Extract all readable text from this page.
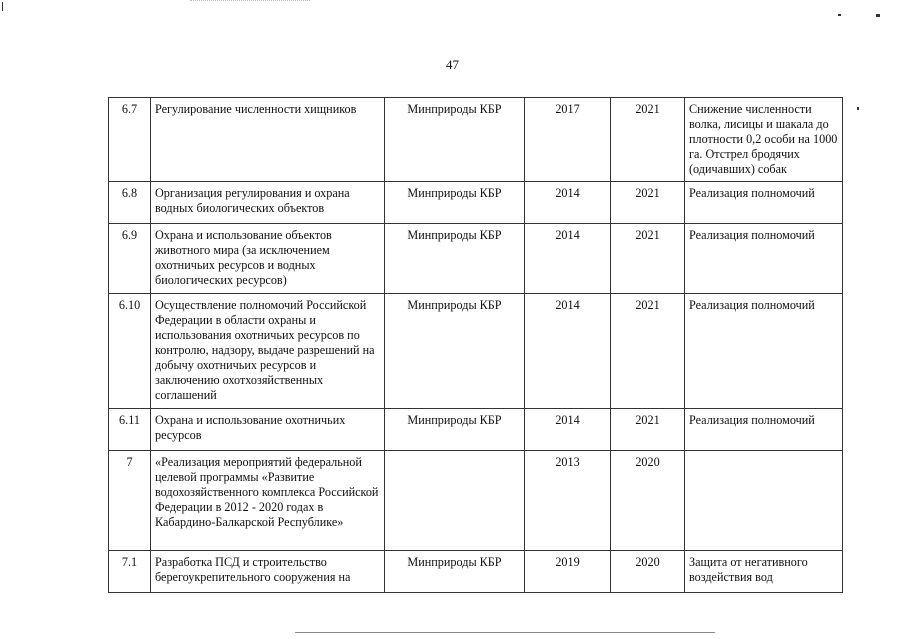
47
6.7	Регулирование численности хищников	Минприроды КБР	2017	2021	Снижение численности волка, лисицы и шакала до плотности 0,2 особи на 1000 га. Отстрел бродячих (одичавших) собак
6.8	Организация регулирования и охрана водных биологических объектов	Минприроды КБР	2014	2021	Реализация полномочий
6.9	Охрана и использование объектов животного мира (за исключением охотничьих ресурсов и водных биологических ресурсов)	Минприроды КБР	2014	2021	Реализация полномочий
6.10	Осуществление полномочий Российской Федерации в области охраны и использования охотничьих ресурсов по контролю, надзору, выдаче разрешений на добычу охотничьих ресурсов и заключению охотхозяйственных соглашений	Минприроды КБР	2014	2021	Реализация полномочий
6.11	Охрана и использование охотничьих ресурсов	Минприроды КБР	2014	2021	Реализация полномочий
7	«Реализация мероприятий федеральной целевой программы «Развитие водохозяйственного комплекса Российской Федерации в 2012 - 2020 годах в Кабардино-Балкарской Республике»		2013	2020	
7.1	Разработка ПСД и строительство берегоукрепительного сооружения на	Минприроды КБР	2019	2020	Защита от негативного воздействия вод
